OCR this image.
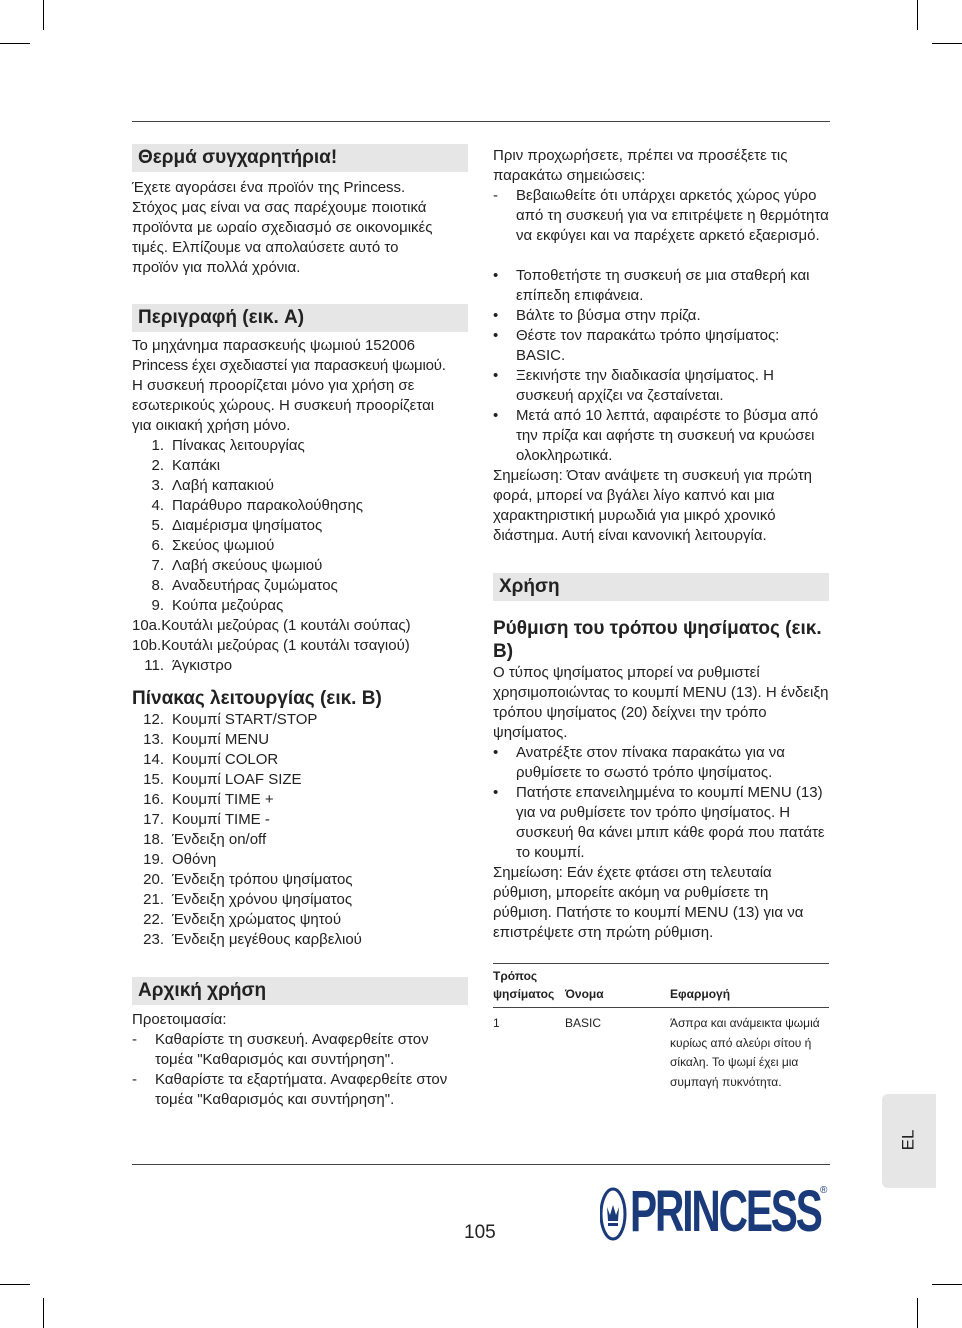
Θερμά συγχαρητήρια!
Έχετε αγοράσει ένα προϊόν της Princess.
Στόχος μας είναι να σας παρέχουμε ποιοτικά
προϊόντα με ωραίο σχεδιασμό σε οικονομικές
τιμές. Ελπίζουμε να απολαύσετε αυτό το
προϊόν για πολλά χρόνια.
Περιγραφή (εικ. A)
Το μηχάνημα παρασκευής ψωμιού 152006
Princess έχει σχεδιαστεί για παρασκευή ψωμιού.
Η συσκευή προορίζεται μόνο για χρήση σε
εσωτερικούς χώρους. Η συσκευή προορίζεται
για οικιακή χρήση μόνο.
1. Πίνακας λειτουργίας
2. Καπάκι
3. Λαβή καπακιού
4. Παράθυρο παρακολούθησης
5. Διαμέρισμα ψησίματος
6. Σκεύος ψωμιού
7. Λαβή σκεύους ψωμιού
8. Αναδευτήρας ζυμώματος
9. Κούπα μεζούρας
10a.Κουτάλι μεζούρας (1 κουτάλι σούπας)
10b.Κουτάλι μεζούρας (1 κουτάλι τσαγιού)
11. Άγκιστρο
Πίνακας λειτουργίας (εικ. B)
12. Κουμπί START/STOP
13. Κουμπί MENU
14. Κουμπί COLOR
15. Κουμπί LOAF SIZE
16. Κουμπί TIME +
17. Κουμπί TIME -
18. Ένδειξη on/off
19. Οθόνη
20. Ένδειξη τρόπου ψησίματος
21. Ένδειξη χρόνου ψησίματος
22. Ένδειξη χρώματος ψητού
23. Ένδειξη μεγέθους καρβελιού
Αρχική χρήση
Προετοιμασία:
-	Καθαρίστε τη συσκευή. Αναφερθείτε στον τομέα "Καθαρισμός και συντήρηση".
-	Καθαρίστε τα εξαρτήματα. Αναφερθείτε στον τομέα "Καθαρισμός και συντήρηση".
Πριν προχωρήσετε, πρέπει να προσέξετε τις
παρακάτω σημειώσεις:
-	Βεβαιωθείτε ότι υπάρχει αρκετός χώρος γύρο από τη συσκευή για να επιτρέψετε η θερμότητα να εκφύγει και να παρέχετε αρκετό εξαερισμό.
•	Τοποθετήστε τη συσκευή σε μια σταθερή και επίπεδη επιφάνεια.
•	Βάλτε το βύσμα στην πρίζα.
•	Θέστε τον παρακάτω τρόπο ψησίματος: BASIC.
•	Ξεκινήστε την διαδικασία ψησίματος. Η συσκευή αρχίζει να ζεσταίνεται.
•	Μετά από 10 λεπτά, αφαιρέστε το βύσμα από την πρίζα και αφήστε τη συσκευή να κρυώσει ολοκληρωτικά.

Σημείωση: Όταν ανάψετε τη συσκευή για πρώτη φορά, μπορεί να βγάλει λίγο καπνό και μια χαρακτηριστική μυρωδιά για μικρό χρονικό διάστημα. Αυτή είναι κανονική λειτουργία.

Χρήση
Ρύθμιση του τρόπου ψησίματος (εικ. B)

Ο τύπος ψησίματος μπορεί να ρυθμιστεί χρησιμοποιώντας το κουμπί MENU (13). Η ένδειξη τρόπου ψησίματος (20) δείχνει την τρόπο ψησίματος.

•	Ανατρέξτε στον πίνακα παρακάτω για να ρυθμίσετε το σωστό τρόπο ψησίματος.
•	Πατήστε επανειλημμένα το κουμπί MENU (13) για να ρυθμίσετε τον τρόπο ψησίματος. Η συσκευή θα κάνει μπιπ κάθε φορά που πατάτε το κουμπί.

Σημείωση: Εάν έχετε φτάσει στη τελευταία ρύθμιση, μπορείτε ακόμη να ρυθμίσετε τη ρύθμιση. Πατήστε το κουμπί MENU (13) για να επιστρέψετε στη πρώτη ρύθμιση.

Τρόπος ψησίματος	Όνομα	Εφαρμογή
1	BASIC	Άσπρα και ανάμεικτα ψωμιά κυρίως από αλεύρι σίτου ή σίκαλη. Το ψωμί έχει μια συμπαγή πυκνότητα.
EL
105 PRINCESS ®
